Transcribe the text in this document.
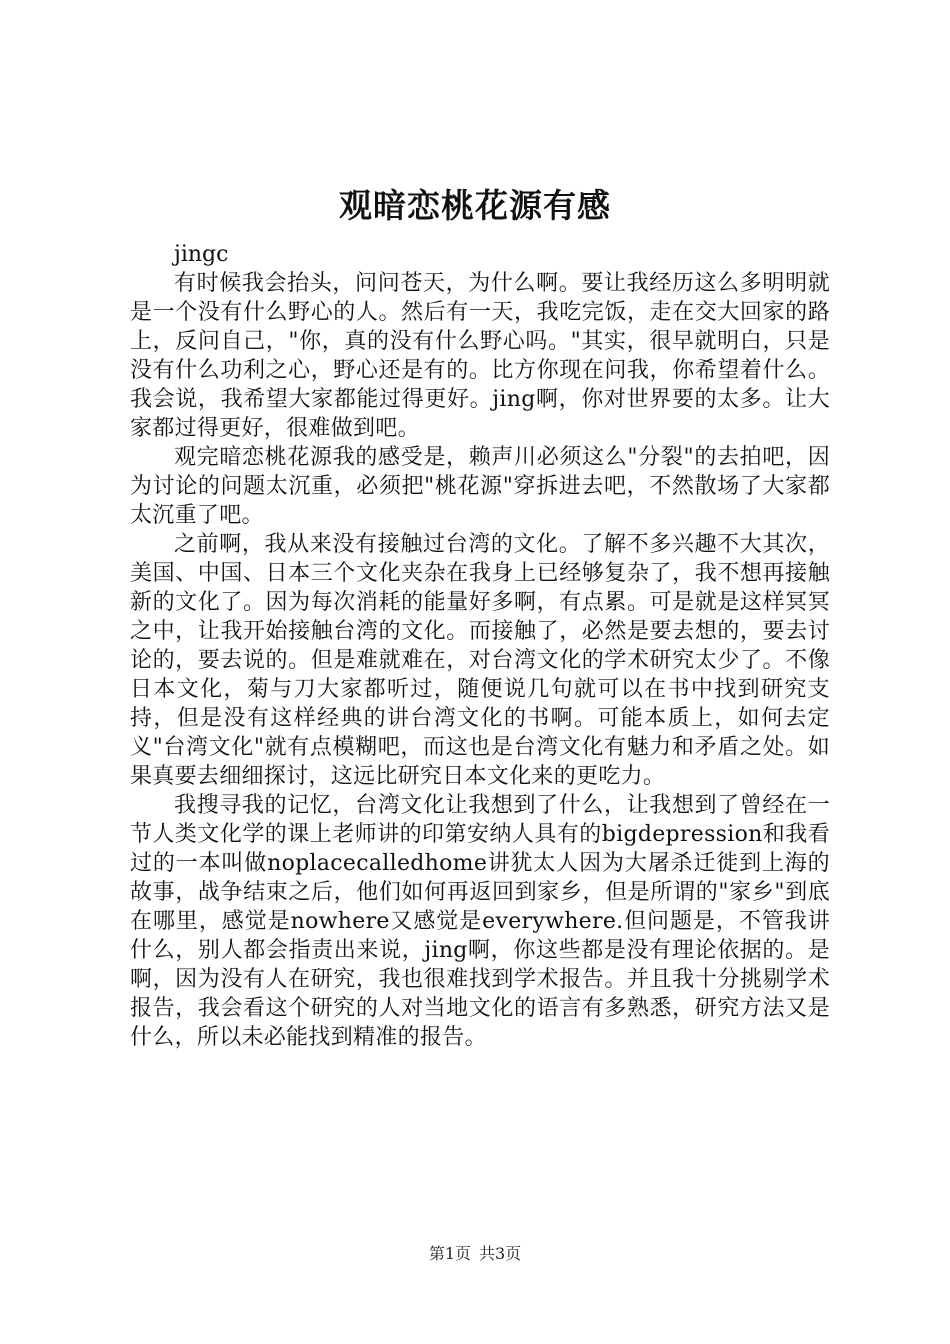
观暗恋桃花源有感

jingc

有时候我会抬头，问问苍天，为什么啊。要让我经历这么多明明就是一个没有什么野心的人。然后有一天，我吃完饭，走在交大回家的路上，反问自己，"你，真的没有什么野心吗。"其实，很早就明白，只是没有什么功利之心，野心还是有的。比方你现在问我，你希望着什么。我会说，我希望大家都能过得更好。jing啊，你对世界要的太多。让大家都过得更好，很难做到吧。

观完暗恋桃花源我的感受是，赖声川必须这么"分裂"的去拍吧，因为讨论的问题太沉重，必须把"桃花源"穿拆进去吧，不然散场了大家都太沉重了吧。

之前啊，我从来没有接触过台湾的文化。了解不多兴趣不大其次，美国、中国、日本三个文化夹杂在我身上已经够复杂了，我不想再接触新的文化了。因为每次消耗的能量好多啊，有点累。可是就是这样冥冥之中，让我开始接触台湾的文化。而接触了，必然是要去想的，要去讨论的，要去说的。但是难就难在，对台湾文化的学术研究太少了。不像日本文化，菊与刀大家都听过，随便说几句就可以在书中找到研究支持，但是没有这样经典的讲台湾文化的书啊。可能本质上，如何去定义"台湾文化"就有点模糊吧，而这也是台湾文化有魅力和矛盾之处。如果真要去细细探讨，这远比研究日本文化来的更吃力。

我搜寻我的记忆，台湾文化让我想到了什么，让我想到了曾经在一节人类文化学的课上老师讲的印第安纳人具有的bigdepression和我看过的一本叫做noplacecalledhome讲犹太人因为大屠杀迁徙到上海的故事，战争结束之后，他们如何再返回到家乡，但是所谓的"家乡"到底在哪里，感觉是nowhere又感觉是everywhere.但问题是，不管我讲什么，别人都会指责出来说，jing啊，你这些都是没有理论依据的。是啊，因为没有人在研究，我也很难找到学术报告。并且我十分挑剔学术报告，我会看这个研究的人对当地文化的语言有多熟悉，研究方法又是什么，所以未必能找到精准的报告。

第1页 共3页
